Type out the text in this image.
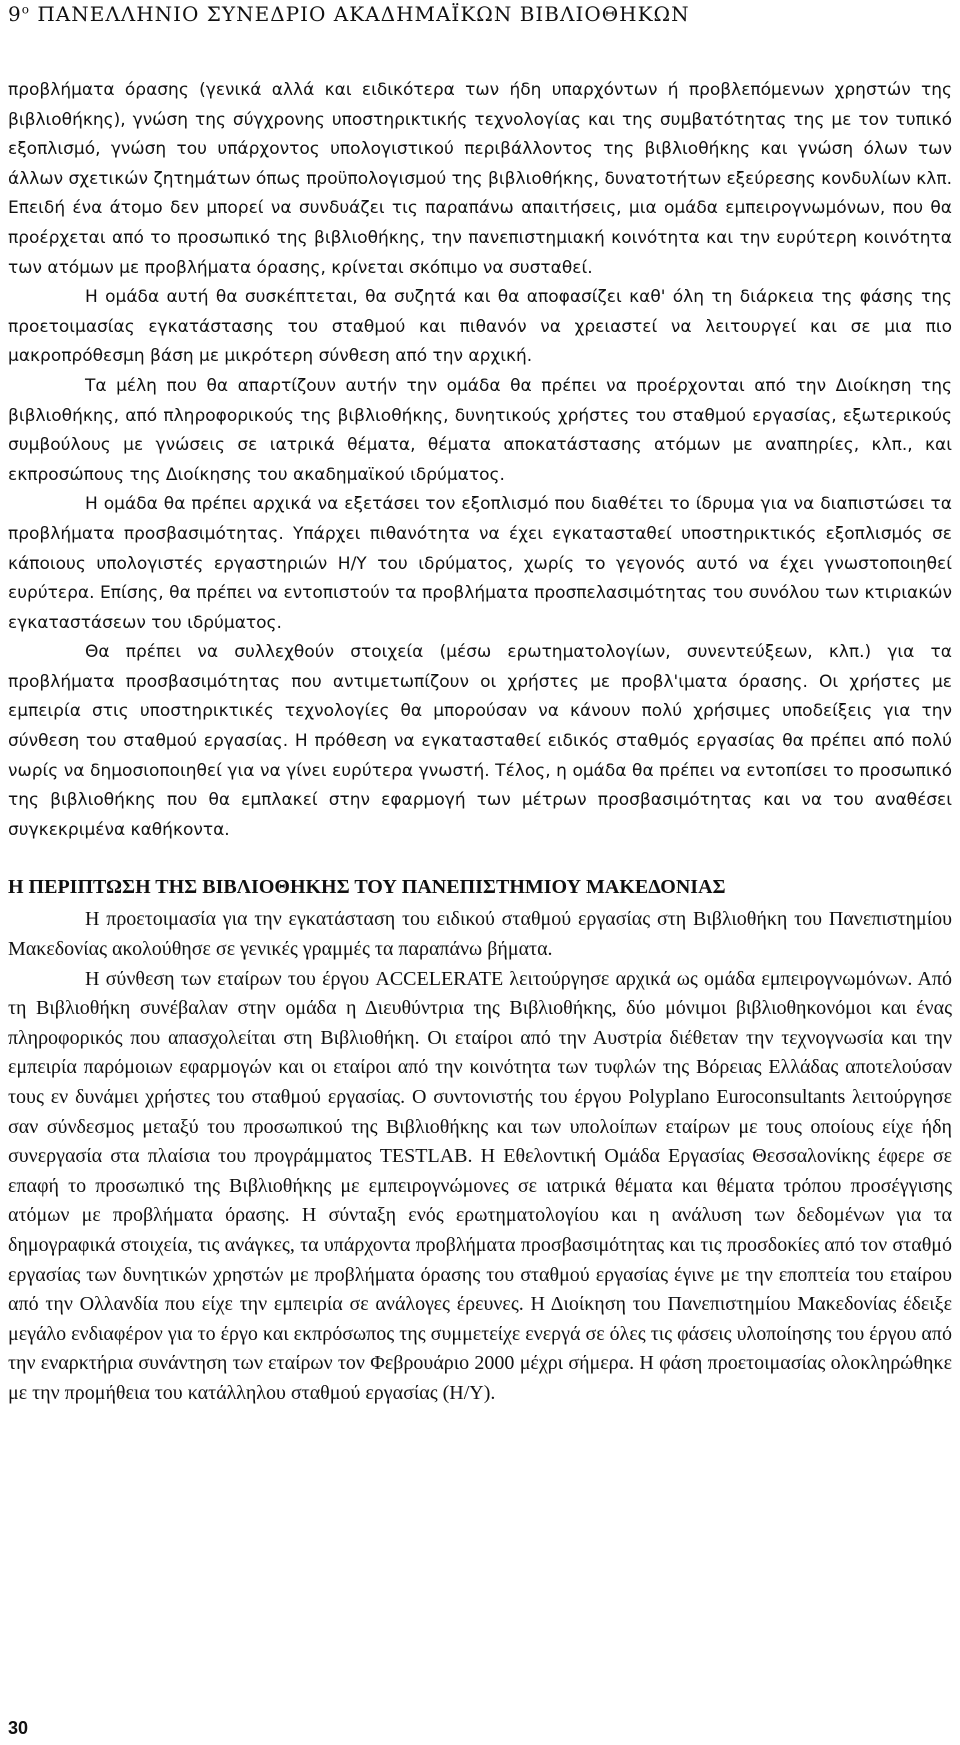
$9^o$ ΠΑΝΕΛΛΗΝΙΟ ΣΥΝΕΔΡΙΟ ΑΚΑΔΗΜΑΪΚΩΝ ΒΙΒΛΙΟΘΗΚΩΝ

προβλήματα όρασης (γενικά αλλά και ειδικότερα των ήδη υπαρχόντων ή προβλεπόμενων χρηστών της βιβλιοθήκης), γνώση της σύγχρονης υποστηρικτικής τεχνολογίας και της συμβατότητας της με τον τυπικό εξοπλισμό, γνώση του υπάρχοντος υπολογιστικού περιβάλλοντος της βιβλιοθήκης και γνώση όλων των άλλων σχετικών ζητημάτων όπως προϋπολογισμού της βιβλιοθήκης, δυνατοτήτων εξεύρεσης κονδυλίων κλπ. Επειδή ένα άτομο δεν μπορεί να συνδυάζει τις παραπάνω απαιτήσεις, μια ομάδα εμπειρογνωμόνων, που θα προέρχεται από το προσωπικό της βιβλιοθήκης, την πανεπιστημιακή κοινότητα και την ευρύτερη κοινότητα των ατόμων με προβλήματα όρασης, κρίνεται σκόπιμο να συσταθεί.

Η ομάδα αυτή θα συσκέπτεται, θα συζητά και θα αποφασίζει καθ' όλη τη διάρκεια της φάσης της προετοιμασίας εγκατάστασης του σταθμού και πιθανόν να χρειαστεί να λειτουργεί και σε μια πιο μακροπρόθεσμη βάση με μικρότερη σύνθεση από την αρχική.

Τα μέλη που θα απαρτίζουν αυτήν την ομάδα θα πρέπει να προέρχονται από την Διοίκηση της βιβλιοθήκης, από πληροφορικούς της βιβλιοθήκης, δυνητικούς χρήστες του σταθμού εργασίας, εξωτερικούς συμβούλους με γνώσεις σε ιατρικά θέματα, θέματα αποκατάστασης ατόμων με αναπηρίες, κλπ., και εκπροσώπους της Διοίκησης του ακαδημαϊκού ιδρύματος.

Η ομάδα θα πρέπει αρχικά να εξετάσει τον εξοπλισμό που διαθέτει το ίδρυμα για να διαπιστώσει τα προβλήματα προσβασιμότητας. Υπάρχει πιθανότητα να έχει εγκατασταθεί υποστηρικτικός εξοπλισμός σε κάποιους υπολογιστές εργαστηριών Η/Υ του ιδρύματος, χωρίς το γεγονός αυτό να έχει γνωστοποιηθεί ευρύτερα. Επίσης, θα πρέπει να εντοπιστούν τα προβλήματα προσπελασιμότητας του συνόλου των κτιριακών εγκαταστάσεων του ιδρύματος.

Θα πρέπει να συλλεχθούν στοιχεία (μέσω ερωτηματολογίων, συνεντεύξεων, κλπ.) για τα προβλήματα προσβασιμότητας που αντιμετωπίζουν οι χρήστες με προβλ'ιματα όρασης. Οι χρήστες με εμπειρία στις υποστηρικτικές τεχνολογίες θα μπορούσαν να κάνουν πολύ χρήσιμες υποδείξεις για την σύνθεση του σταθμού εργασίας. Η πρόθεση να εγκατασταθεί ειδικός σταθμός εργασίας θα πρέπει από πολύ νωρίς να δημοσιοποιηθεί για να γίνει ευρύτερα γνωστή. Τέλος, η ομάδα θα πρέπει να εντοπίσει το προσωπικό της βιβλιοθήκης που θα εμπλακεί στην εφαρμογή των μέτρων προσβασιμότητας και να του αναθέσει συγκεκριμένα καθήκοντα.

Η ΠΕΡΙΠΤΩΣΗ ΤΗΣ ΒΙΒΛΙΟΘΗΚΗΣ ΤΟΥ ΠΑΝΕΠΙΣΤΗΜΙΟΥ ΜΑΚΕΔΟΝΙΑΣ

Η προετοιμασία για την εγκατάσταση του ειδικού σταθμού εργασίας στη Βιβλιοθήκη του Πανεπιστημίου Μακεδονίας ακολούθησε σε γενικές γραμμές τα παραπάνω βήματα.

Η σύνθεση των εταίρων του έργου ACCELERATE λειτούργησε αρχικά ως ομάδα εμπειρογνωμόνων. Από τη Βιβλιοθήκη συνέβαλαν στην ομάδα η Διευθύντρια της Βιβλιοθήκης, δύο μόνιμοι βιβλιοθηκονόμοι και ένας πληροφορικός που απασχολείται στη Βιβλιοθήκη. Οι εταίροι από την Αυστρία διέθεταν την τεχνογνωσία και την εμπειρία παρόμοιων εφαρμογών και οι εταίροι από την κοινότητα των τυφλών της Βόρειας Ελλάδας αποτελούσαν τους εν δυνάμει χρήστες του σταθμού εργασίας. Ο συντονιστής του έργου Polyplano Euroconsultants λειτούργησε σαν σύνδεσμος μεταξύ του προσωπικού της Βιβλιοθήκης και των υπολοίπων εταίρων με τους οποίους είχε ήδη συνεργασία στα πλαίσια του προγράμματος TESTLAB. Η Εθελοντική Ομάδα Εργασίας Θεσσαλονίκης έφερε σε επαφή το προσωπικό της Βιβλιοθήκης με εμπειρογνώμονες σε ιατρικά θέματα και θέματα τρόπου προσέγγισης ατόμων με προβλήματα όρασης. Η σύνταξη ενός ερωτηματολογίου και η ανάλυση των δεδομένων για τα δημογραφικά στοιχεία, τις ανάγκες, τα υπάρχοντα προβλήματα προσβασιμότητας και τις προσδοκίες από τον σταθμό εργασίας των δυνητικών χρηστών με προβλήματα όρασης του σταθμού εργασίας έγινε με την εποπτεία του εταίρου από την Ολλανδία που είχε την εμπειρία σε ανάλογες έρευνες. Η Διοίκηση του Πανεπιστημίου Μακεδονίας έδειξε μεγάλο ενδιαφέρον για το έργο και εκπρόσωπος της συμμετείχε ενεργά σε όλες τις φάσεις υλοποίησης του έργου από την εναρκτήρια συνάντηση των εταίρων τον Φεβρουάριο 2000 μέχρι σήμερα. Η φάση προετοιμασίας ολοκληρώθηκε με την προμήθεια του κατάλληλου σταθμού εργασίας (Η/Υ).

30
